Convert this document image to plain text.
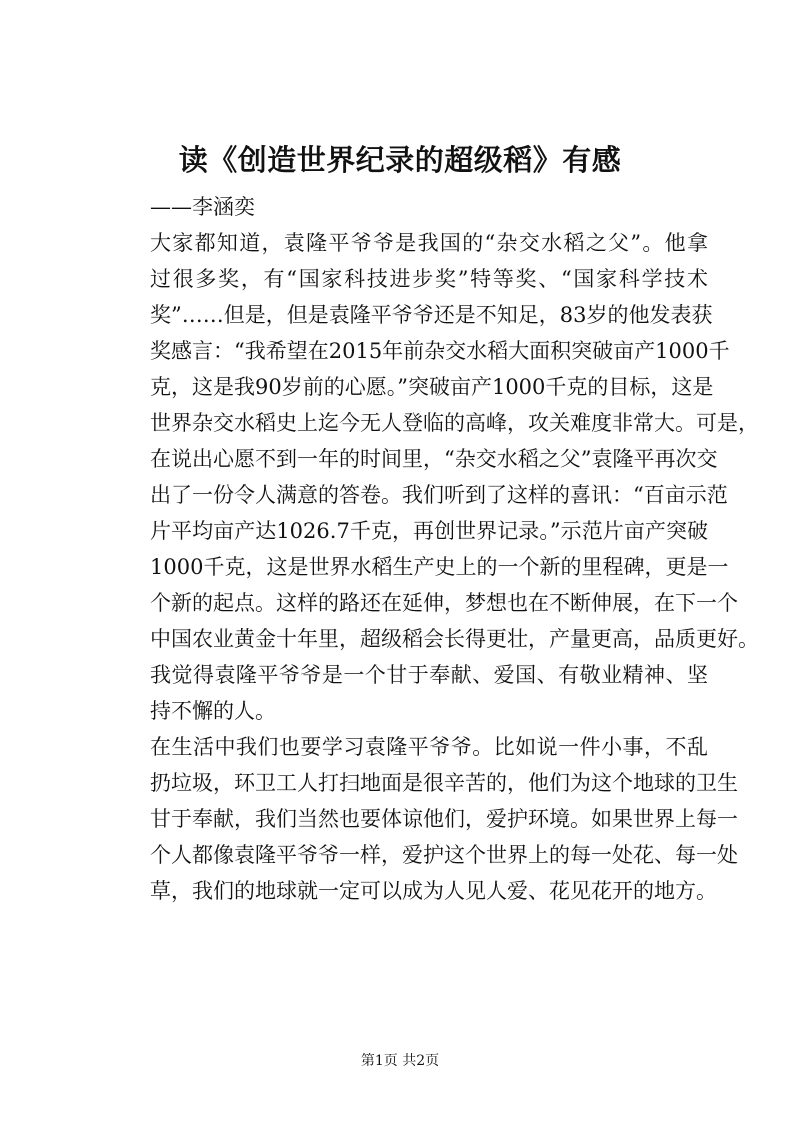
读《创造世界纪录的超级稻》有感
——李涵奕

大家都知道，袁隆平爷爷是我国的“杂交水稻之父”。他拿
过很多奖，有“国家科技进步奖”特等奖、“国家科学技术
奖”……但是，但是袁隆平爷爷还是不知足，83岁的他发表获
奖感言：“我希望在2015年前杂交水稻大面积突破亩产1000千
克，这是我90岁前的心愿。”突破亩产1000千克的目标，这是
世界杂交水稻史上迄今无人登临的高峰，攻关难度非常大。可是，
在说出心愿不到一年的时间里，“杂交水稻之父”袁隆平再次交
出了一份令人满意的答卷。我们听到了这样的喜讯：“百亩示范
片平均亩产达1026.7千克，再创世界记录。”示范片亩产突破
1000千克，这是世界水稻生产史上的一个新的里程碑，更是一
个新的起点。这样的路还在延伸，梦想也在不断伸展，在下一个
中国农业黄金十年里，超级稻会长得更壮，产量更高，品质更好。

我觉得袁隆平爷爷是一个甘于奉献、爱国、有敬业精神、坚
持不懈的人。

在生活中我们也要学习袁隆平爷爷。比如说一件小事，不乱
扔垃圾，环卫工人打扫地面是很辛苦的，他们为这个地球的卫生
甘于奉献，我们当然也要体谅他们，爱护环境。如果世界上每一
个人都像袁隆平爷爷一样，爱护这个世界上的每一处花、每一处
草，我们的地球就一定可以成为人见人爱、花见花开的地方。

第1页 共2页
